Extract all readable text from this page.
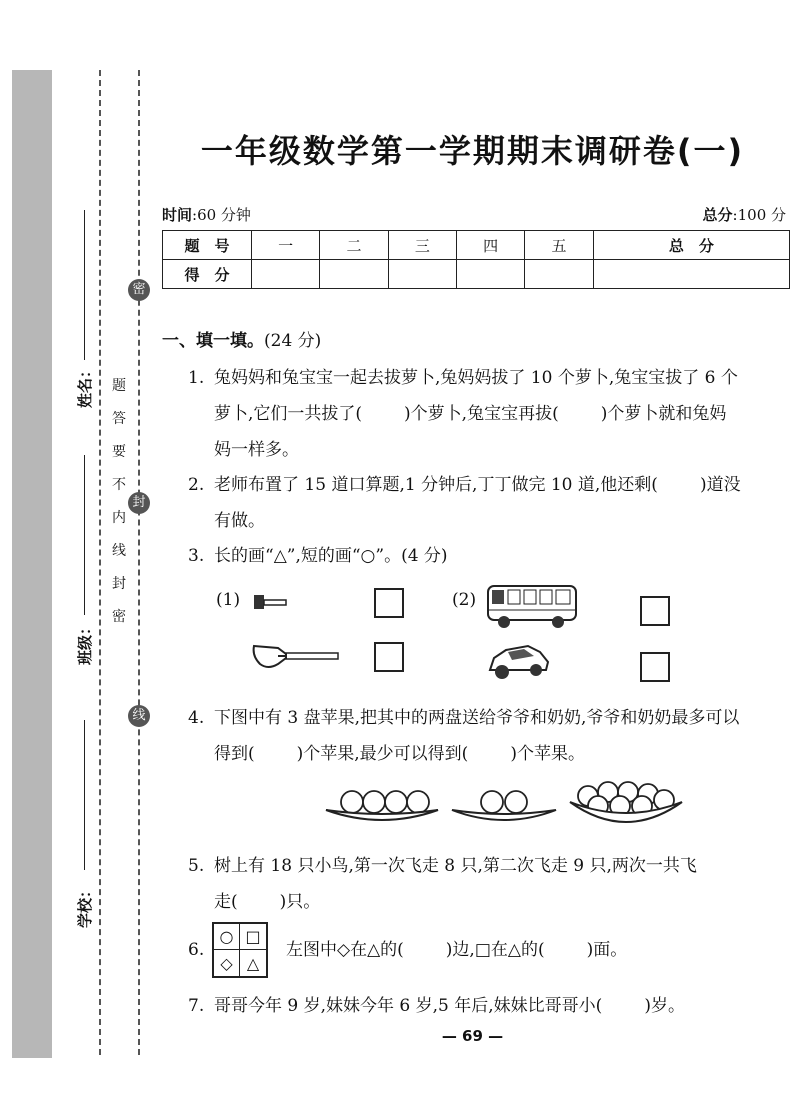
姓名：
班级：
学校：
密
封
线
密
封
线
内
不
要
答
题
一年级数学第一学期期末调研卷(一)
时间:60 分钟	总分:100 分
题　号	一	二	三	四	五	总　分
得　分						
一、填一填。(24 分)
1. 兔妈妈和兔宝宝一起去拔萝卜,兔妈妈拔了 10 个萝卜,兔宝宝拔了 6 个
萝卜,它们一共拔了( )个萝卜,兔宝宝再拔( )个萝卜就和兔妈
妈一样多。
2. 老师布置了 15 道口算题,1 分钟后,丁丁做完 10 道,他还剩( )道没
有做。
3. 长的画“△”,短的画“○”。(4 分)
(1)	(2)
4. 下图中有 3 盘苹果,把其中的两盘送给爷爷和奶奶,爷爷和奶奶最多可以
得到( )个苹果,最少可以得到( )个苹果。
5. 树上有 18 只小鸟,第一次飞走 8 只,第二次飞走 9 只,两次一共飞
走( )只。
6.
○ □
◇ △
左图中◇在△的( )边,□在△的( )面。
7. 哥哥今年 9 岁,妹妹今年 6 岁,5 年后,妹妹比哥哥小( )岁。
— 69 —
